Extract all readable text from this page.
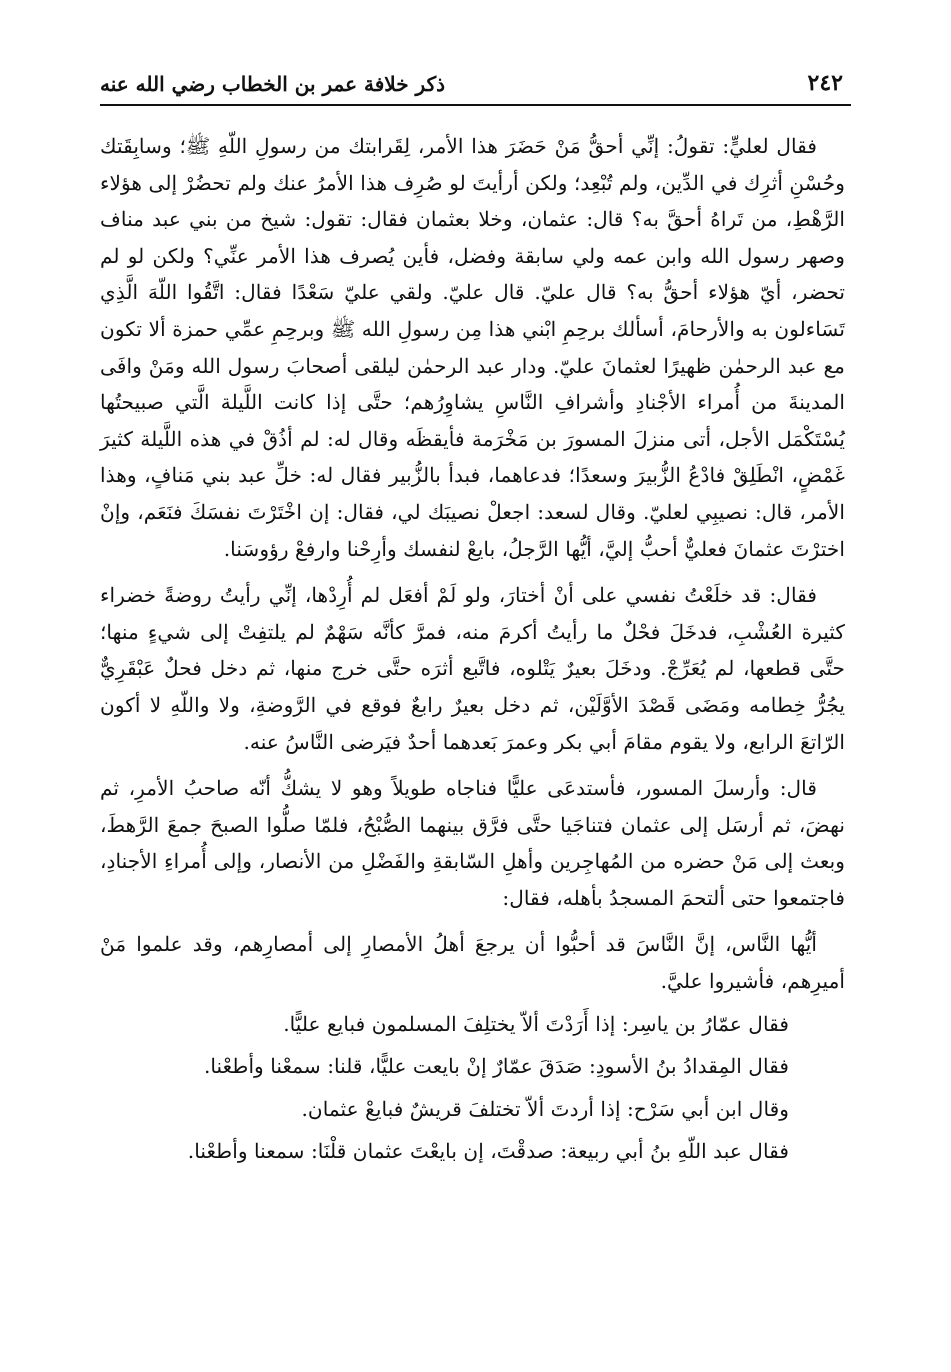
٢٤٢
ذكر خلافة عمر بن الخطاب رضي الله عنه

فقال لعليٍّ: تقولُ: إنِّي أحقُّ مَنْ حَضَرَ هذا الأمر، لِقَرابتك من رسولِ اللّهِ ﷺ؛ وسابِقَتك وحُسْنِ أثرِك في الدِّين، ولم تُبْعِد؛ ولكن أرأيتَ لو صُرِف هذا الأمرُ عنك ولم تحضُرْ إلى هؤلاء الرَّهْطِ، من تَراهُ أحقَّ به؟ قال: عثمان، وخلا بعثمان فقال: تقول: شيخ من بني عبد مناف وصهر رسول الله وابن عمه ولي سابقة وفضل، فأين يُصرف هذا الأمر عنِّي؟ ولكن لو لم تحضر، أيّ هؤلاء أحقُّ به؟ قال عليّ. قال عليّ. ولقي عليّ سَعْدًا فقال: اتَّقُوا اللّهَ الَّذِي تَسَاءلون به والأرحامَ، أسألك برحِمِ ابْني هذا مِن رسولِ الله ﷺ وبرحِمِ عمِّي حمزة ألا تكون مع عبد الرحمٰن ظهيرًا لعثمانَ عليّ. ودار عبد الرحمٰن ليلقى أصحابَ رسول الله ومَنْ وافَى المدينةَ من أُمراء الأجْنادِ وأشرافِ النَّاسِ يشاوِرُهم؛ حتَّى إذا كانت اللَّيلة الَّتي صبيحتُها يُسْتَكْمَل الأجل، أتى منزلَ المسورَ بن مَخْرَمة فأيقظَه وقال له: لم أذُقْ في هذه اللَّيلة كثيرَ غَمْضٍ، انْطَلِقْ فادْعُ الزُّبيرَ وسعدًا؛ فدعاهما، فبدأ بالزُّبير فقال له: خلِّ عبد بني مَنافٍ، وهذا الأمر، قال: نصيبِي لعليّ. وقال لسعد: اجعلْ نصيبَك لي، فقال: إن اخْتَرْتَ نفسَكَ فنَعَم، وإنْ اخترْتَ عثمانَ فعليٌّ أحبُّ إليَّ، أيُّها الرَّجلُ، بايعْ لنفسك وأرِحْنا وارفعْ رؤوسَنا.

فقال: قد خلَعْتُ نفسي على أنْ أختارَ، ولو لَمْ أفعَل لم أُرِدْها، إنِّي رأيتُ روضةً خضراء كثيرة العُشْبِ، فدخَلَ فحْلٌ ما رأيتُ أكرمَ منه، فمرَّ كأنَّه سَهْمٌ لم يلتفِتْ إلى شيءٍ منها؛ حتَّى قطعها، لم يُعَرِّجْ. ودخَلَ بعيرٌ يَتْلوه، فاتَّبع أثرَه حتَّى خرج منها، ثم دخل فحلٌ عَبْقَرِيٌّ يجُرُّ خِطامه ومَضَى قَصْدَ الأوَّلَيْن، ثم دخل بعيرٌ رابعٌ فوقع في الرَّوضةِ، ولا واللّهِ لا أكون الرّاتعَ الرابع، ولا يقوم مقامَ أبي بكر وعمرَ بَعدهما أحدٌ فيَرضى النَّاسُ عنه.

قال: وأرسلَ المسور، فأستدعَى عليًّا فناجاه طويلاً وهو لا يشكُّ أنّه صاحبُ الأمرِ، ثم نهضَ، ثم أرسَل إلى عثمان فتناجَيا حتَّى فرَّق بينهما الصُّبْحُ، فلمّا صلُّوا الصبحَ جمعَ الرَّهطَ، وبعث إلى مَنْ حضره من المُهاجِرين وأهلِ السّابقةِ والفَضْلِ من الأنصار، وإلى أُمراءِ الأجنادِ، فاجتمعوا حتى ألتحمَ المسجدُ بأهله، فقال:

أيُّها النَّاس، إنَّ النَّاسَ قد أحبُّوا أن يرجعَ أهلُ الأمصارِ إلى أمصارِهم، وقد علموا مَنْ أميرِهم، فأشيروا عليَّ.

فقال عمّارُ بن ياسِر: إذا أَرَدْتَ ألاّ يختلِفَ المسلمون فبايع عليًّا.

فقال المِقدادُ بنُ الأسودِ: صَدَقَ عمّارٌ إنْ بايعت عليًّا، قلنا: سمعْنا وأطعْنا.

وقال ابن أبي سَرْح: إذا أردتَ ألاّ تختلفَ قريشٌ فبايعْ عثمان.

فقال عبد اللّهِ بنُ أبي ربيعة: صدقْتَ، إن بايعْتَ عثمان قلْنَا: سمعنا وأطعْنا.
